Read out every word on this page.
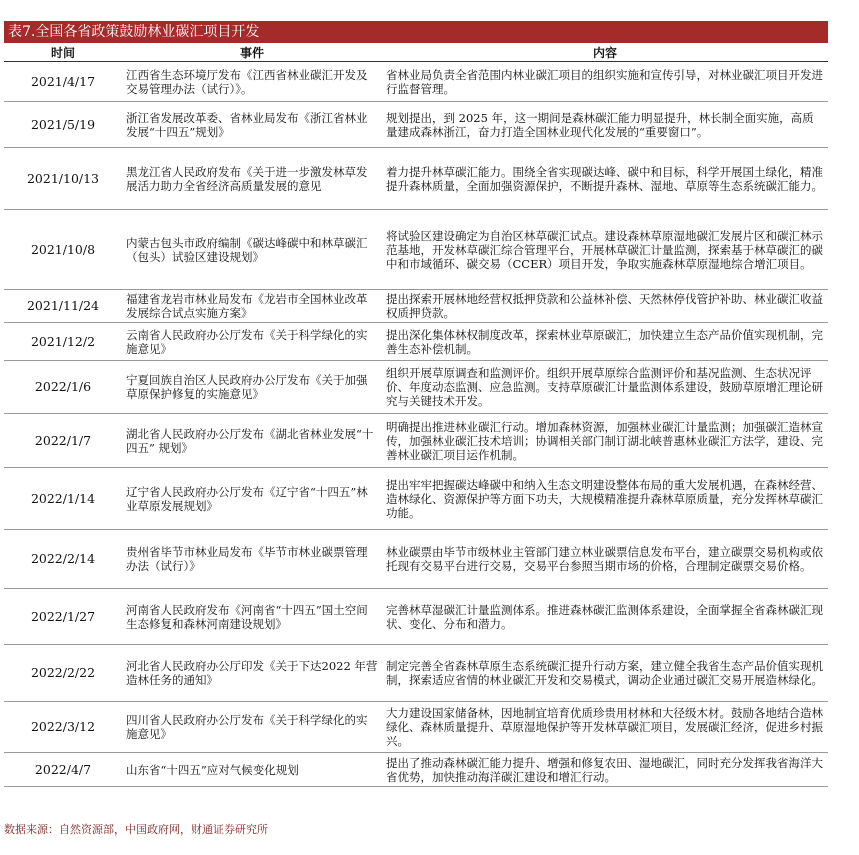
表7.全国各省政策鼓励林业碳汇项目开发
时间	事件	内容
2021/4/17	江西省生态环境厅发布《江西省林业碳汇开发及交易管理办法（试行）》。	省林业局负责全省范围内林业碳汇项目的组织实施和宣传引导，对林业碳汇项目开发进行监督管理。
2021/5/19	浙江省发展改革委、省林业局发布《浙江省林业发展“十四五”规划》	规划提出，到 2025 年，这一期间是森林碳汇能力明显提升，林长制全面实施，高质量建成森林浙江，奋力打造全国林业现代化发展的“重要窗口”。
2021/10/13	黑龙江省人民政府发布《关于进一步激发林草发展活力助力全省经济高质量发展的意见	着力提升林草碳汇能力。围绕全省实现碳达峰、碳中和目标，科学开展国土绿化，精准提升森林质量，全面加强资源保护，不断提升森林、湿地、草原等生态系统碳汇能力。
2021/10/8	内蒙古包头市政府编制《碳达峰碳中和林草碳汇（包头）试验区建设规划》	将试验区建设确定为自治区林草碳汇试点。建设森林草原湿地碳汇发展片区和碳汇林示范基地，开发林草碳汇综合管理平台，开展林草碳汇计量监测，探索基于林草碳汇的碳中和市域循环、碳交易（CCER）项目开发，争取实施森林草原湿地综合增汇项目。
2021/11/24	福建省龙岩市林业局发布《龙岩市全国林业改革发展综合试点实施方案》	提出探索开展林地经营权抵押贷款和公益林补偿、天然林停伐管护补助、林业碳汇收益权质押贷款。
2021/12/2	云南省人民政府办公厅发布《关于科学绿化的实施意见》	提出深化集体林权制度改革，探索林业草原碳汇，加快建立生态产品价值实现机制，完善生态补偿机制。
2022/1/6	宁夏回族自治区人民政府办公厅发布《关于加强草原保护修复的实施意见》	组织开展草原调查和监测评价。组织开展草原综合监测评价和基况监测、生态状况评价、年度动态监测、应急监测。支持草原碳汇计量监测体系建设，鼓励草原增汇理论研究与关键技术开发。
2022/1/7	湖北省人民政府办公厅发布《湖北省林业发展“十四五” 规划》	明确提出推进林业碳汇行动。增加森林资源，加强林业碳汇计量监测；加强碳汇造林宣传，加强林业碳汇技术培训；协调相关部门制订湖北峡普惠林业碳汇方法学，建设、完善林业碳汇项目运作机制。
2022/1/14	辽宁省人民政府办公厅发布《辽宁省“十四五”林业草原发展规划》	提出牢牢把握碳达峰碳中和纳入生态文明建设整体布局的重大发展机遇，在森林经营、造林绿化、资源保护等方面下功夫，大规模精准提升森林草原质量，充分发挥林草碳汇功能。
2022/2/14	贵州省毕节市林业局发布《毕节市林业碳票管理办法（试行）》	林业碳票由毕节市级林业主管部门建立林业碳票信息发布平台，建立碳票交易机构或依托现有交易平台进行交易，交易平台参照当期市场的价格，合理制定碳票交易价格。
2022/1/27	河南省人民政府发布《河南省“十四五”国土空间生态修复和森林河南建设规划》	完善林草湿碳汇计量监测体系。推进森林碳汇监测体系建设，全面掌握全省森林碳汇现状、变化、分布和潜力。
2022/2/22	河北省人民政府办公厅印发《关于下达2022 年营造林任务的通知》	制定完善全省森林草原生态系统碳汇提升行动方案，建立健全我省生态产品价值实现机制，探索适应省情的林业碳汇开发和交易模式，调动企业通过碳汇交易开展造林绿化。
2022/3/12	四川省人民政府办公厅发布《关于科学绿化的实施意见》	大力建设国家储备林，因地制宜培育优质珍贵用材林和大径级木材。鼓励各地结合造林绿化、森林质量提升、草原湿地保护等开发林草碳汇项目，发展碳汇经济，促进乡村振兴。
2022/4/7	山东省“十四五”应对气候变化规划	提出了推动森林碳汇能力提升、增强和修复农田、湿地碳汇，同时充分发挥我省海洋大省优势，加快推动海洋碳汇建设和增汇行动。
数据来源：自然资源部，中国政府网，财通证券研究所
